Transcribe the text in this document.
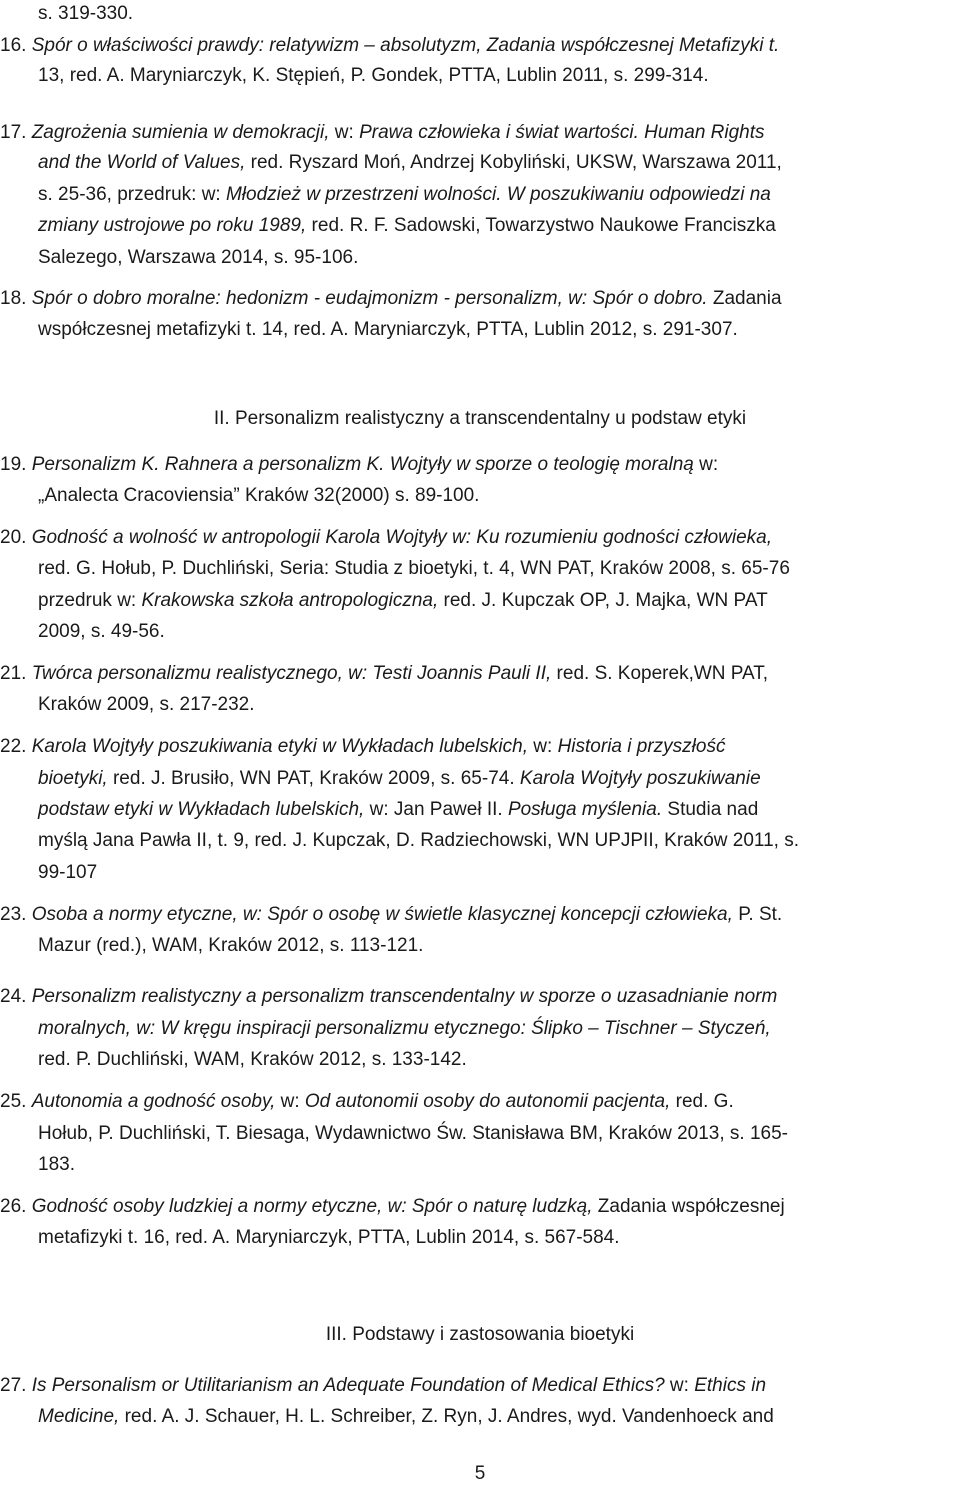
s. 319-330.
16. Spór o właściwości prawdy: relatywizm – absolutyzm, Zadania współczesnej Metafizyki t.
13, red. A. Maryniarczyk, K. Stępień, P. Gondek, PTTA, Lublin 2011, s. 299-314.
17. Zagrożenia sumienia w demokracji, w: Prawa człowieka i świat wartości. Human Rights
and the World of Values, red. Ryszard Moń, Andrzej Kobyliński, UKSW, Warszawa 2011,
s. 25-36, przedruk: w: Młodzież w przestrzeni wolności. W poszukiwaniu odpowiedzi na
zmiany ustrojowe po roku 1989, red. R. F. Sadowski, Towarzystwo Naukowe Franciszka
Salezego, Warszawa 2014, s. 95-106.
18. Spór o dobro moralne: hedonizm - eudajmonizm - personalizm, w: Spór o dobro. Zadania
współczesnej metafizyki t. 14, red. A. Maryniarczyk, PTTA, Lublin 2012, s. 291-307.
II. Personalizm realistyczny a transcendentalny u podstaw etyki
19. Personalizm K. Rahnera a personalizm K. Wojtyły w sporze o teologię moralną w:
„Analecta Cracoviensia” Kraków 32(2000) s. 89-100.
20. Godność a wolność w antropologii Karola Wojtyły w: Ku rozumieniu godności człowieka,
red. G. Hołub, P. Duchliński, Seria: Studia z bioetyki, t. 4, WN PAT, Kraków 2008, s. 65-76
przedruk w: Krakowska szkoła antropologiczna, red. J. Kupczak OP, J. Majka, WN PAT
2009, s. 49-56.
21. Twórca personalizmu realistycznego, w: Testi Joannis Pauli II, red. S. Koperek,WN PAT,
Kraków 2009, s. 217-232.
22. Karola Wojtyły poszukiwania etyki w Wykładach lubelskich, w: Historia i przyszłość
bioetyki, red. J. Brusiło, WN PAT, Kraków 2009, s. 65-74. Karola Wojtyły poszukiwanie
podstaw etyki w Wykładach lubelskich, w: Jan Paweł II. Posługa myślenia. Studia nad
myślą Jana Pawła II, t. 9, red. J. Kupczak, D. Radziechowski, WN UPJPII, Kraków 2011, s.
99-107
23. Osoba a normy etyczne, w: Spór o osobę w świetle klasycznej koncepcji człowieka, P. St.
Mazur (red.), WAM, Kraków 2012, s. 113-121.
24. Personalizm realistyczny a personalizm transcendentalny w sporze o uzasadnianie norm
moralnych, w: W kręgu inspiracji personalizmu etycznego: Ślipko – Tischner – Styczeń,
red. P. Duchliński, WAM, Kraków 2012, s. 133-142.
25. Autonomia a godność osoby, w: Od autonomii osoby do autonomii pacjenta, red. G.
Hołub, P. Duchliński, T. Biesaga, Wydawnictwo Św. Stanisława BM, Kraków 2013, s. 165-
183.
26. Godność osoby ludzkiej a normy etyczne, w: Spór o naturę ludzką, Zadania współczesnej
metafizyki t. 16, red. A. Maryniarczyk, PTTA, Lublin 2014, s. 567-584.
III. Podstawy i zastosowania bioetyki
27. Is Personalism or Utilitarianism an Adequate Foundation of Medical Ethics? w: Ethics in
Medicine, red. A. J. Schauer, H. L. Schreiber, Z. Ryn, J. Andres, wyd. Vandenhoeck and
5
